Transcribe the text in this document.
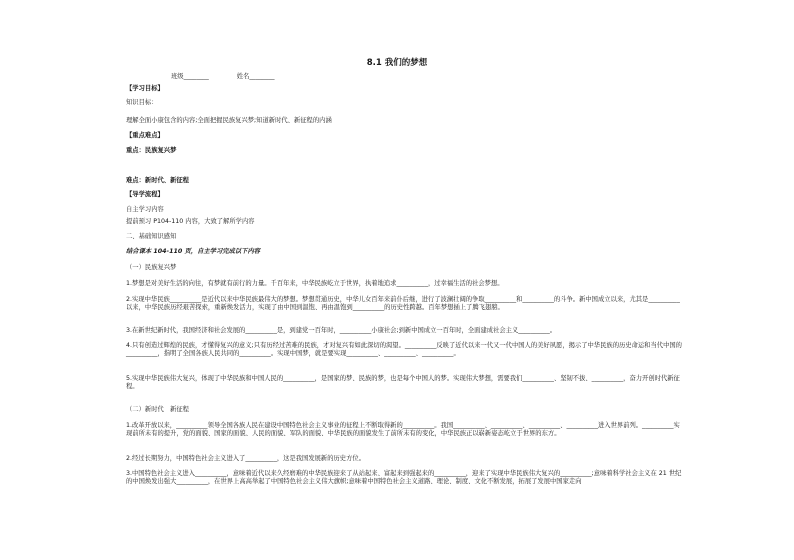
8.1 我们的梦想
班级________	姓名________
【学习目标】
知识目标：
理解全面小康包含的内容;全面把握民族复兴梦;知道新时代、新征程的内涵
【重点难点】
重点：民族复兴梦
难点：新时代、新征程
【导学流程】
自主学习内容
提前预习 P104-110 内容，大致了解所学内容
二、基础知识感知
结合课本 104-110 页，自主学习完成以下内容
（一）民族复兴梦
1.梦想是对美好生活的向往，有梦就有前行的力量。千百年来，中华民族屹立于世界，执着地追求__________，过幸福生活的社会梦想。
2.实现中华民族__________是近代以来中华民族最伟大的梦想。梦想贯通历史，中华儿女百年来前仆后继，进行了波澜壮阔的争取__________和__________的斗争。新中国成立以来，尤其是__________以来，中华民族历经艰苦探索，重新焕发活力，实现了由中国到温饱、再由温饱到__________的历史性跨越。百年梦想插上了腾飞翅膀。
3.在新世纪新时代，我国经济和社会发展的__________是，到建党一百年时，__________小康社会;到新中国成立一百年时，全面建成社会主义__________。
4.只有创造过辉煌的民族，才懂得复兴的意义;只有历经过苦难的民族，才对复兴有如此深切的渴望。__________反映了近代以来一代又一代中国人的美好夙愿，揭示了中华民族的历史命运和当代中国的__________，指明了全国各族人民共同的__________。实现中国梦，就是要实现__________、__________、__________。
5.实现中华民族伟大复兴，体现了中华民族和中国人民的__________，是国家的梦、民族的梦，也是每个中国人的梦。实现伟大梦想，需要我们__________、坚韧不拔、__________，奋力开创时代新征程。
（二）新时代　新征程
1.改革开放以来，__________领导全国各族人民在建设中国特色社会主义事业的征程上不断取得新的__________。我国__________、__________、__________、__________进入世界前列。__________实现前所未有的提升，党的面貌、国家的面貌、人民的面貌、军队的面貌、中华民族的面貌发生了前所未有的变化，中华民族正以崭新姿态屹立于世界的东方。
2.经过长期努力，中国特色社会主义进入了__________，这是我国发展新的历史方位。
3.中国特色社会主义进入__________，意味着近代以来久经磨难的中华民族迎来了从站起来、富起来到强起来的__________，迎来了实现中华民族伟大复兴的__________;意味着科学社会主义在 21 世纪的中国焕发出强大__________，在世界上高高举起了中国特色社会主义伟大旗帜;意味着中国特色社会主义道路、理论、制度、文化不断发展，拓展了发展中国家走向
